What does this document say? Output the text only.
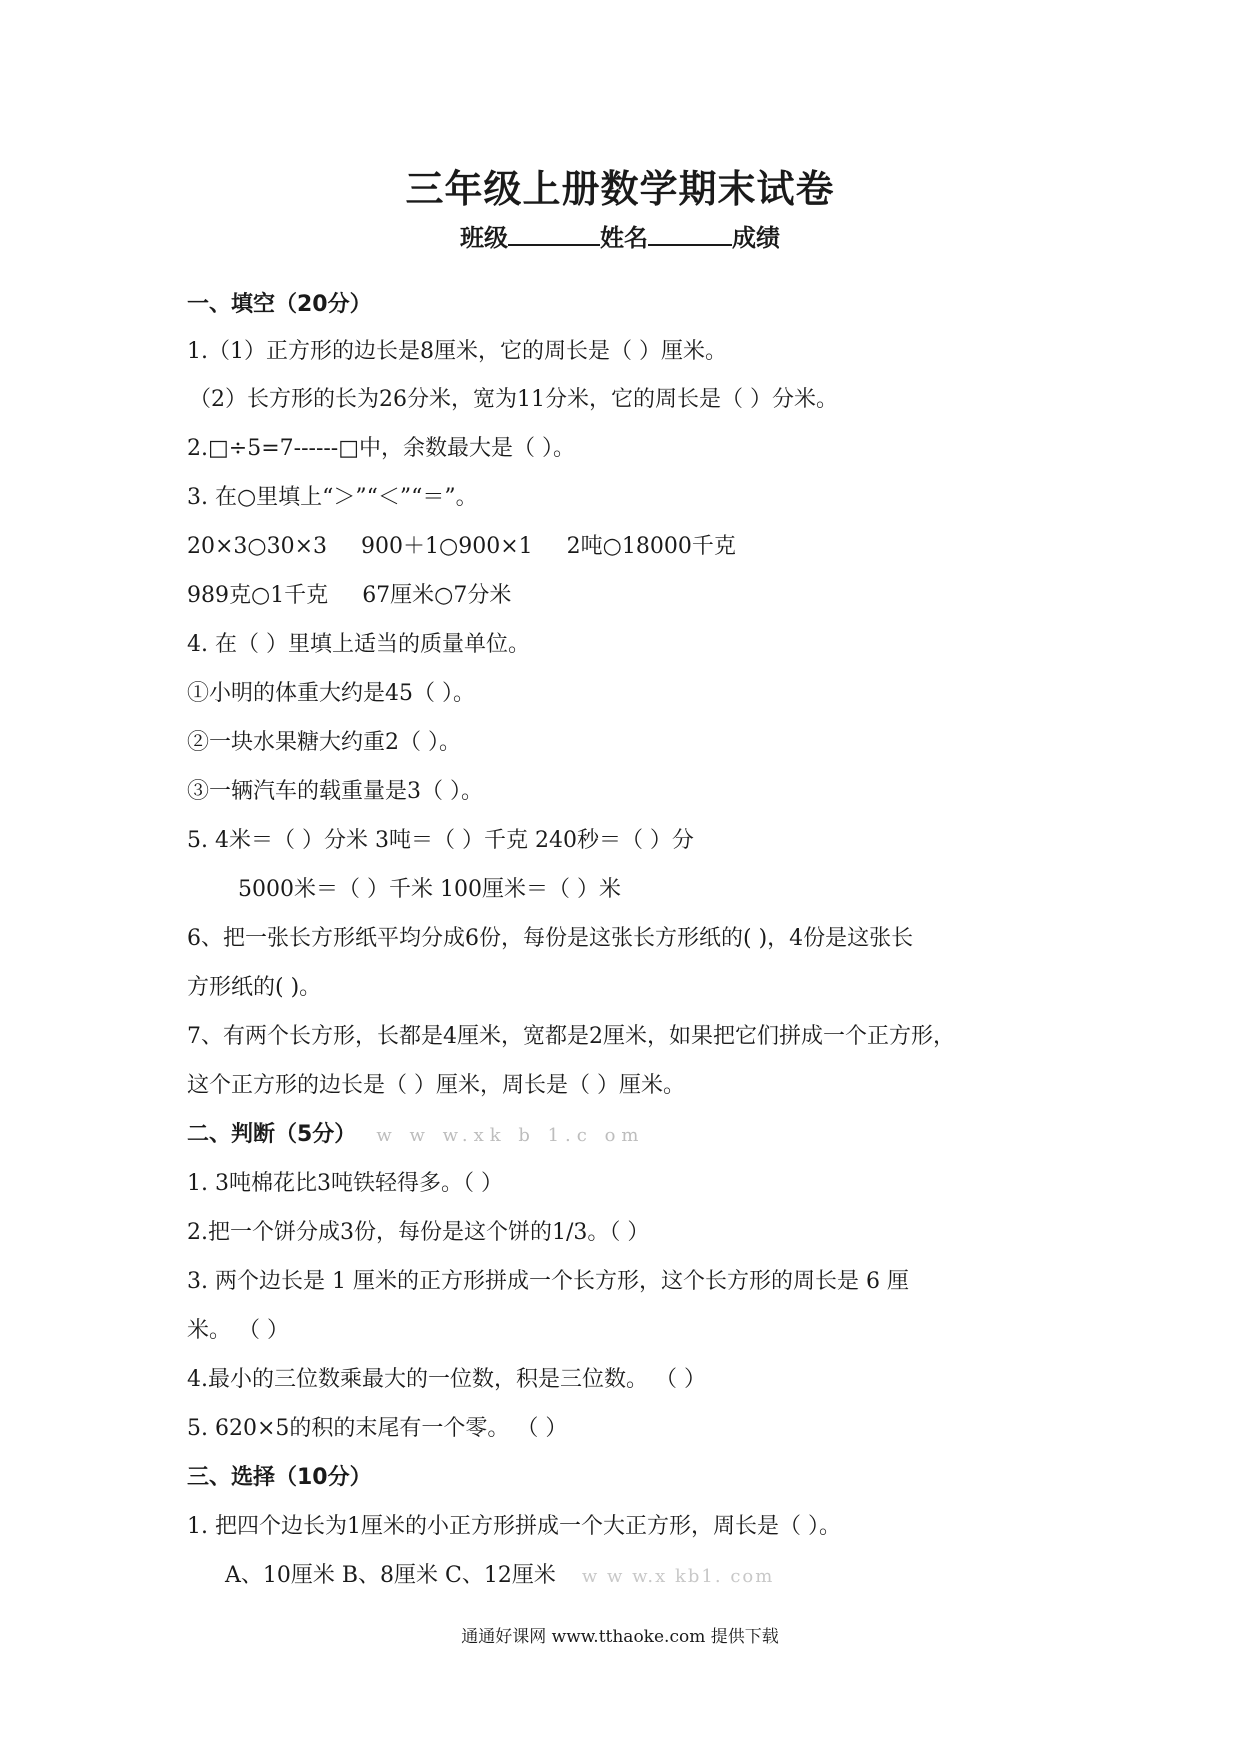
三年级上册数学期末试卷
班级	姓名	成绩
一、填空（20分）
1.（1）正方形的边长是8厘米，它的周长是（ ）厘米。
（2）长方形的长为26分米，宽为11分米，它的周长是（ ）分米。
2.□÷5=7------□中，余数最大是（ ）。
3. 在○里填上“＞”“＜”“＝”。
20×3○30×3 900＋1○900×1 2吨○18000千克
989克○1千克 67厘米○7分米
4. 在（ ）里填上适当的质量单位。
①小明的体重大约是45（ ）。
②一块水果糖大约重2（ ）。
③一辆汽车的载重量是3（ ）。
5. 4米＝（ ）分米 3吨＝（ ）千克 240秒＝（ ）分
5000米＝（ ）千米 100厘米＝（ ）米
6、把一张长方形纸平均分成6份，每份是这张长方形纸的( )，4份是这张长
方形纸的( )。
7、有两个长方形，长都是4厘米，宽都是2厘米，如果把它们拼成一个正方形，
这个正方形的边长是（ ）厘米，周长是（ ）厘米。
二、判断（5分） w w w.xk b 1.c om
1. 3吨棉花比3吨铁轻得多。（ ）
2.把一个饼分成3份，每份是这个饼的1/3。（ ）
3. 两个边长是 1 厘米的正方形拼成一个长方形，这个长方形的周长是 6 厘
米。 （ ）
4.最小的三位数乘最大的一位数，积是三位数。 （ ）
5. 620×5的积的末尾有一个零。 （ ）
三、选择（10分）
1. 把四个边长为1厘米的小正方形拼成一个大正方形，周长是（ ）。
A、10厘米 B、8厘米 C、12厘米 w w w.x kb1. com
通通好课网 www.tthaoke.com 提供下载
